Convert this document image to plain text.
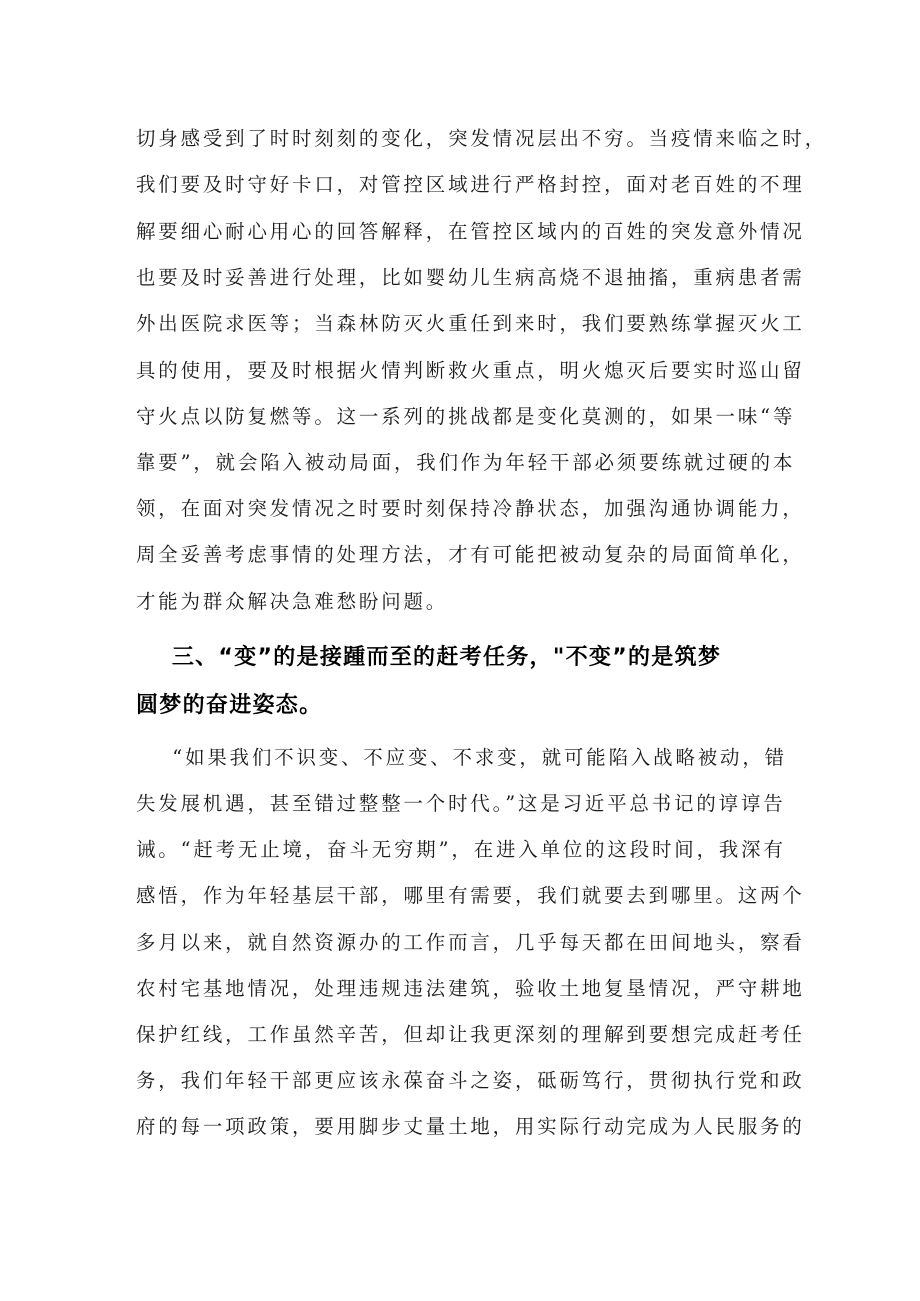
切身感受到了时时刻刻的变化，突发情况层出不穷。当疫情来临之时，
我们要及时守好卡口，对管控区域进行严格封控，面对老百姓的不理
解要细心耐心用心的回答解释，在管控区域内的百姓的突发意外情况
也要及时妥善进行处理，比如婴幼儿生病高烧不退抽搐，重病患者需
外出医院求医等；当森林防灭火重任到来时，我们要熟练掌握灭火工
具的使用，要及时根据火情判断救火重点，明火熄灭后要实时巡山留
守火点以防复燃等。这一系列的挑战都是变化莫测的，如果一味“等
靠要”，就会陷入被动局面，我们作为年轻干部必须要练就过硬的本
领，在面对突发情况之时要时刻保持冷静状态，加强沟通协调能力，
周全妥善考虑事情的处理方法，才有可能把被动复杂的局面简单化，
才能为群众解决急难愁盼问题。
三、“变”的是接踵而至的赶考任务，"不变”的是筑梦
圆梦的奋进姿态。
“如果我们不识变、不应变、不求变，就可能陷入战略被动，错
失发展机遇，甚至错过整整一个时代。”这是习近平总书记的谆谆告
诫。“赶考无止境，奋斗无穷期”，在进入单位的这段时间，我深有
感悟，作为年轻基层干部，哪里有需要，我们就要去到哪里。这两个
多月以来，就自然资源办的工作而言，几乎每天都在田间地头，察看
农村宅基地情况，处理违规违法建筑，验收土地复垦情况，严守耕地
保护红线，工作虽然辛苦，但却让我更深刻的理解到要想完成赶考任
务，我们年轻干部更应该永葆奋斗之姿，砥砺笃行，贯彻执行党和政
府的每一项政策，要用脚步丈量土地，用实际行动完成为人民服务的
